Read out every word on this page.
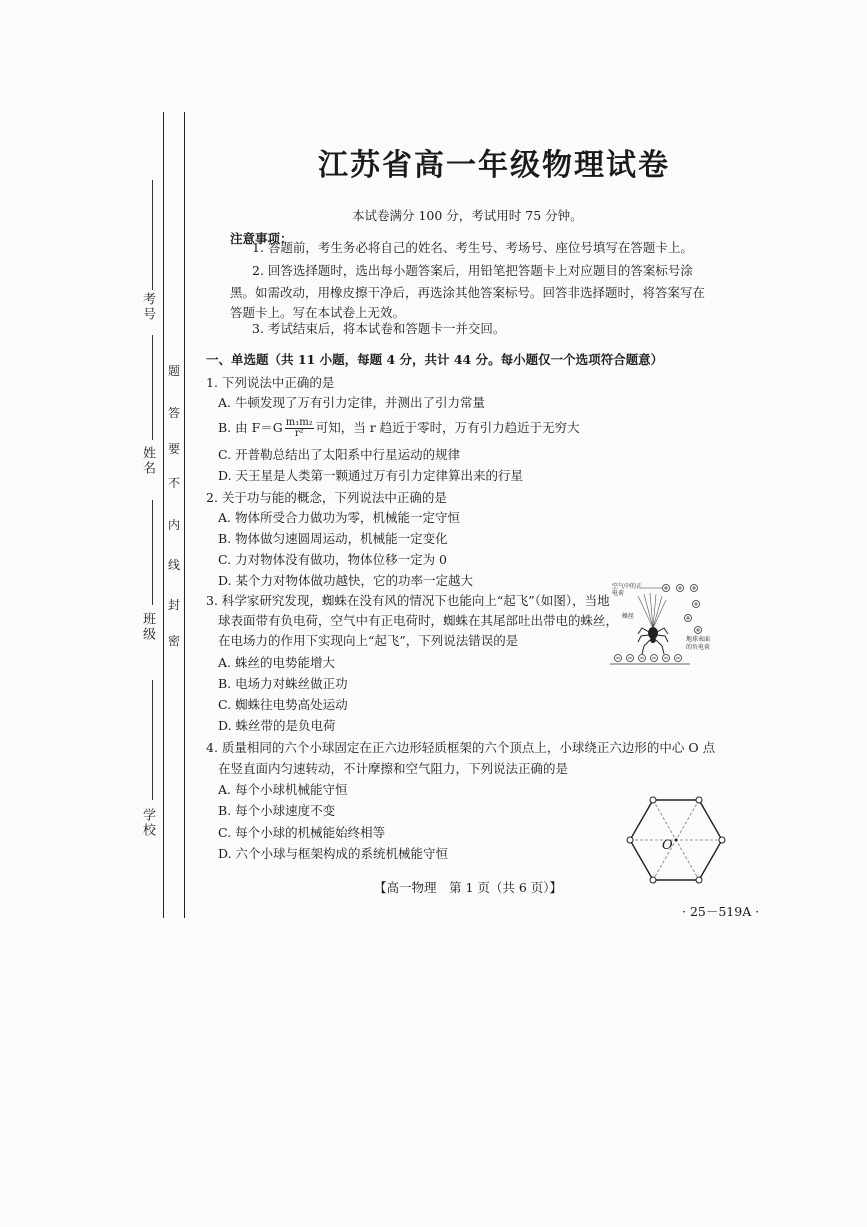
考号
姓名
班级
学校
题
答
要
不
内
线
封
密
江苏省高一年级物理试卷
本试卷满分 100 分，考试用时 75 分钟。
注意事项：
1. 答题前，考生务必将自己的姓名、考生号、考场号、座位号填写在答题卡上。
2. 回答选择题时，选出每小题答案后，用铅笔把答题卡上对应题目的答案标号涂
黑。如需改动，用橡皮擦干净后，再选涂其他答案标号。回答非选择题时，将答案写在
答题卡上。写在本试卷上无效。
3. 考试结束后，将本试卷和答题卡一并交回。
一、单选题（共 11 小题，每题 4 分，共计 44 分。每小题仅一个选项符合题意）
1. 下列说法中正确的是
A. 牛顿发现了万有引力定律，并测出了引力常量
B. 由 $F=G \frac{\text{m₁m₂}}{\text{r²}}$ 可知，当 r 趋近于零时，万有引力趋近于无穷大
C. 开普勒总结出了太阳系中行星运动的规律
D. 天王星是人类第一颗通过万有引力定律算出来的行星
2. 关于功与能的概念，下列说法中正确的是
A. 物体所受合力做功为零，机械能一定守恒
B. 物体做匀速圆周运动，机械能一定变化
C. 力对物体没有做功，物体位移一定为 0
D. 某个力对物体做功越快，它的功率一定越大
3. 科学家研究发现，蜘蛛在没有风的情况下也能向上“起飞”（如图），当地
球表面带有负电荷，空气中有正电荷时，蜘蛛在其尾部吐出带电的蛛丝，
在电场力的作用下实现向上“起飞”，下列说法错误的是
A. 蛛丝的电势能增大
B. 电场力对蛛丝做正功
C. 蜘蛛往电势高处运动
D. 蛛丝带的是负电荷
空气中的正电荷
蛛丝
地球表面
的负电荷
4. 质量相同的六个小球固定在正六边形轻质框架的六个顶点上，小球绕正六边形的中心 O 点
在竖直面内匀速转动，不计摩擦和空气阻力，下列说法正确的是
A. 每个小球机械能守恒
B. 每个小球速度不变
C. 每个小球的机械能始终相等
D. 六个小球与框架构成的系统机械能守恒
O
【高一物理　第 1 页（共 6 页）】
· 25－519A ·
